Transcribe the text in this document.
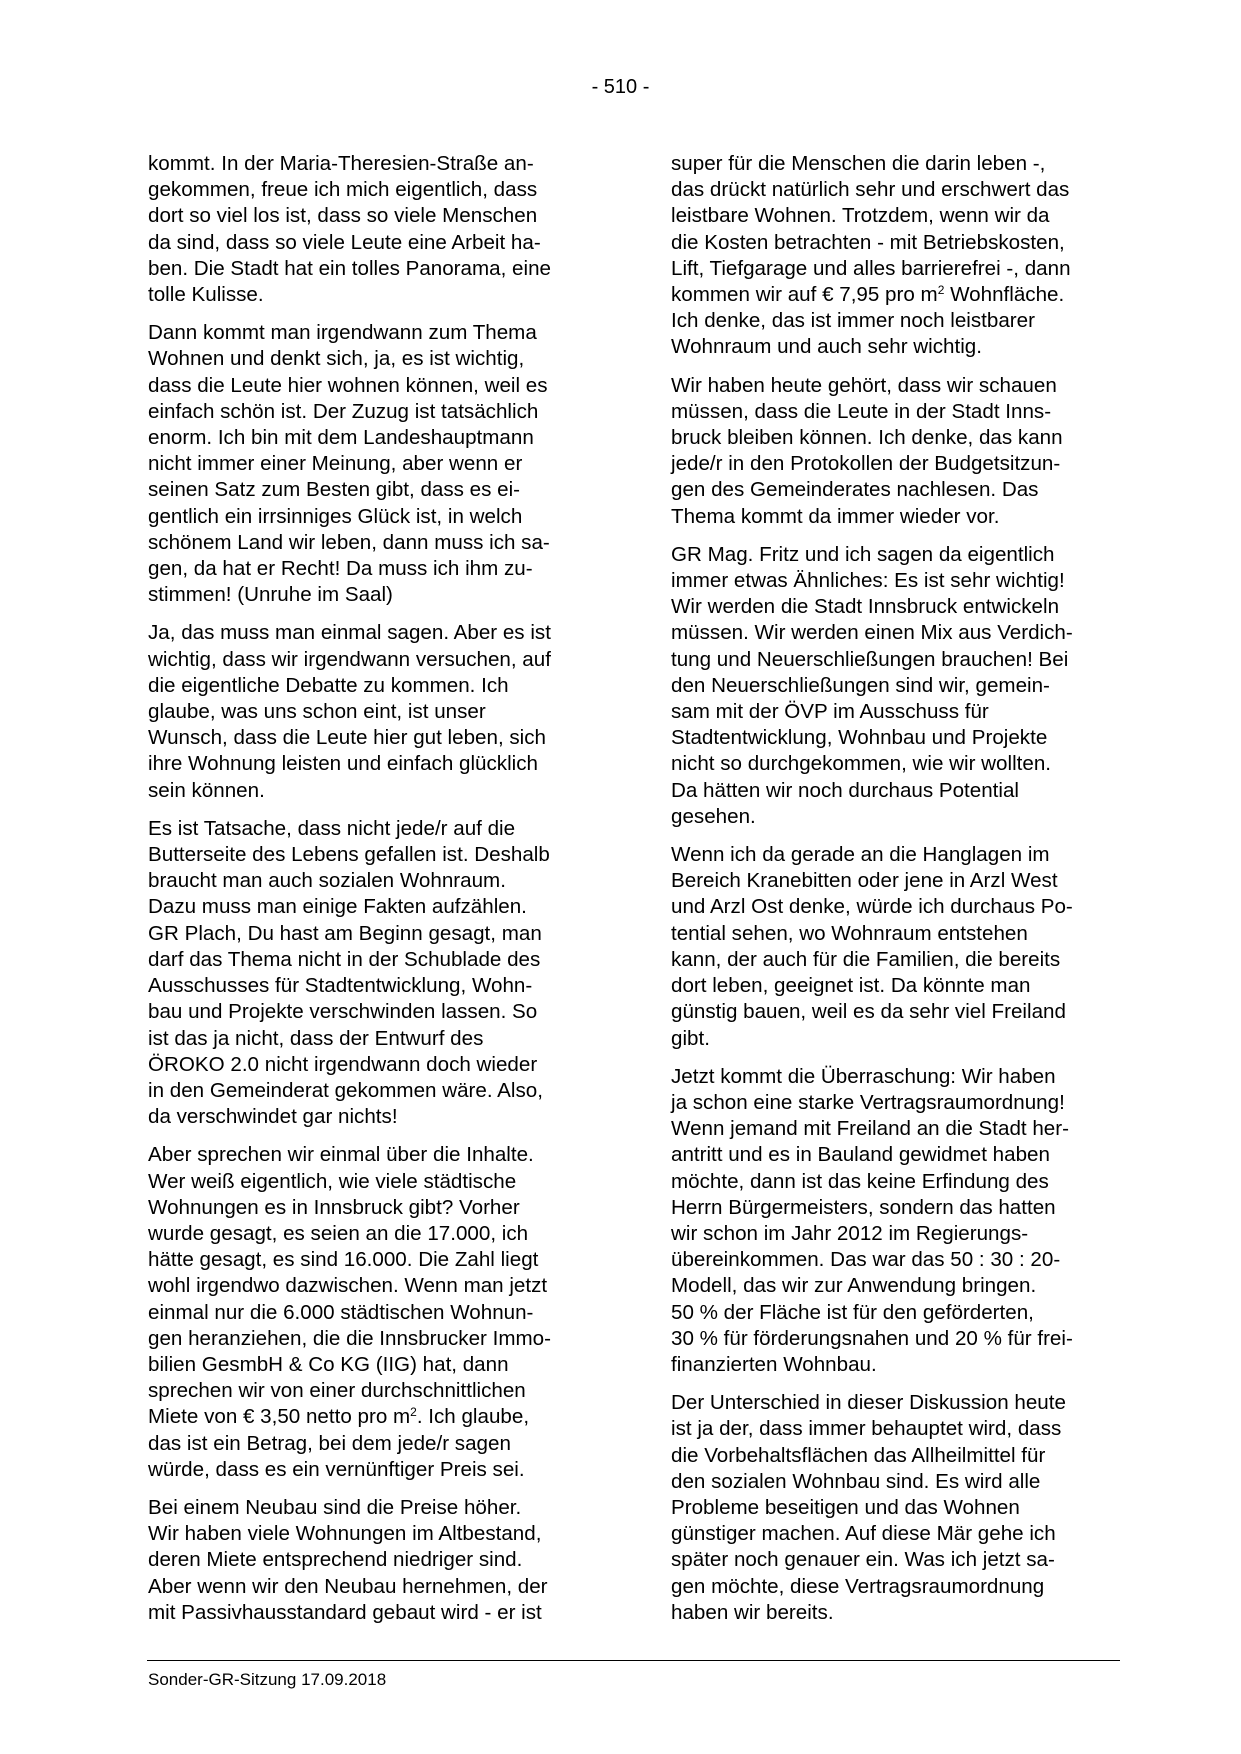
- 510 -

kommt. In der Maria-Theresien-Straße an-
gekommen, freue ich mich eigentlich, dass
dort so viel los ist, dass so viele Menschen
da sind, dass so viele Leute eine Arbeit ha-
ben. Die Stadt hat ein tolles Panorama, eine
tolle Kulisse.

Dann kommt man irgendwann zum Thema
Wohnen und denkt sich, ja, es ist wichtig,
dass die Leute hier wohnen können, weil es
einfach schön ist. Der Zuzug ist tatsächlich
enorm. Ich bin mit dem Landeshauptmann
nicht immer einer Meinung, aber wenn er
seinen Satz zum Besten gibt, dass es ei-
gentlich ein irrsinniges Glück ist, in welch
schönem Land wir leben, dann muss ich sa-
gen, da hat er Recht! Da muss ich ihm zu-
stimmen! (Unruhe im Saal)

Ja, das muss man einmal sagen. Aber es ist
wichtig, dass wir irgendwann versuchen, auf
die eigentliche Debatte zu kommen. Ich
glaube, was uns schon eint, ist unser
Wunsch, dass die Leute hier gut leben, sich
ihre Wohnung leisten und einfach glücklich
sein können.

Es ist Tatsache, dass nicht jede/r auf die
Butterseite des Lebens gefallen ist. Deshalb
braucht man auch sozialen Wohnraum.
Dazu muss man einige Fakten aufzählen.
GR Plach, Du hast am Beginn gesagt, man
darf das Thema nicht in der Schublade des
Ausschusses für Stadtentwicklung, Wohn-
bau und Projekte verschwinden lassen. So
ist das ja nicht, dass der Entwurf des
ÖROKO 2.0 nicht irgendwann doch wieder
in den Gemeinderat gekommen wäre. Also,
da verschwindet gar nichts!

Aber sprechen wir einmal über die Inhalte.
Wer weiß eigentlich, wie viele städtische
Wohnungen es in Innsbruck gibt? Vorher
wurde gesagt, es seien an die 17.000, ich
hätte gesagt, es sind 16.000. Die Zahl liegt
wohl irgendwo dazwischen. Wenn man jetzt
einmal nur die 6.000 städtischen Wohnun-
gen heranziehen, die die Innsbrucker Immo-
bilien GesmbH & Co KG (IIG) hat, dann
sprechen wir von einer durchschnittlichen
Miete von € 3,50 netto pro $m^2$. Ich glaube,
das ist ein Betrag, bei dem jede/r sagen
würde, dass es ein vernünftiger Preis sei.

Bei einem Neubau sind die Preise höher.
Wir haben viele Wohnungen im Altbestand,
deren Miete entsprechend niedriger sind.
Aber wenn wir den Neubau hernehmen, der
mit Passivhausstandard gebaut wird - er ist

super für die Menschen die darin leben -,
das drückt natürlich sehr und erschwert das
leistbare Wohnen. Trotzdem, wenn wir da
die Kosten betrachten - mit Betriebskosten,
Lift, Tiefgarage und alles barrierefrei -, dann
kommen wir auf € 7,95 pro $m^2$ Wohnfläche.
Ich denke, das ist immer noch leistbarer
Wohnraum und auch sehr wichtig.

Wir haben heute gehört, dass wir schauen
müssen, dass die Leute in der Stadt Inns-
bruck bleiben können. Ich denke, das kann
jede/r in den Protokollen der Budgetsitzun-
gen des Gemeinderates nachlesen. Das
Thema kommt da immer wieder vor.

GR Mag. Fritz und ich sagen da eigentlich
immer etwas Ähnliches: Es ist sehr wichtig!
Wir werden die Stadt Innsbruck entwickeln
müssen. Wir werden einen Mix aus Verdich-
tung und Neuerschließungen brauchen! Bei
den Neuerschließungen sind wir, gemein-
sam mit der ÖVP im Ausschuss für
Stadtentwicklung, Wohnbau und Projekte
nicht so durchgekommen, wie wir wollten.
Da hätten wir noch durchaus Potential
gesehen.

Wenn ich da gerade an die Hanglagen im
Bereich Kranebitten oder jene in Arzl West
und Arzl Ost denke, würde ich durchaus Po-
tential sehen, wo Wohnraum entstehen
kann, der auch für die Familien, die bereits
dort leben, geeignet ist. Da könnte man
günstig bauen, weil es da sehr viel Freiland
gibt.

Jetzt kommt die Überraschung: Wir haben
ja schon eine starke Vertragsraumordnung!
Wenn jemand mit Freiland an die Stadt her-
antritt und es in Bauland gewidmet haben
möchte, dann ist das keine Erfindung des
Herrn Bürgermeisters, sondern das hatten
wir schon im Jahr 2012 im Regierungs-
übereinkommen. Das war das 50 : 30 : 20-
Modell, das wir zur Anwendung bringen.
50 % der Fläche ist für den geförderten,
30 % für förderungsnahen und 20 % für frei-
finanzierten Wohnbau.

Der Unterschied in dieser Diskussion heute
ist ja der, dass immer behauptet wird, dass
die Vorbehaltsflächen das Allheilmittel für
den sozialen Wohnbau sind. Es wird alle
Probleme beseitigen und das Wohnen
günstiger machen. Auf diese Mär gehe ich
später noch genauer ein. Was ich jetzt sa-
gen möchte, diese Vertragsraumordnung
haben wir bereits.

Sonder-GR-Sitzung 17.09.2018
